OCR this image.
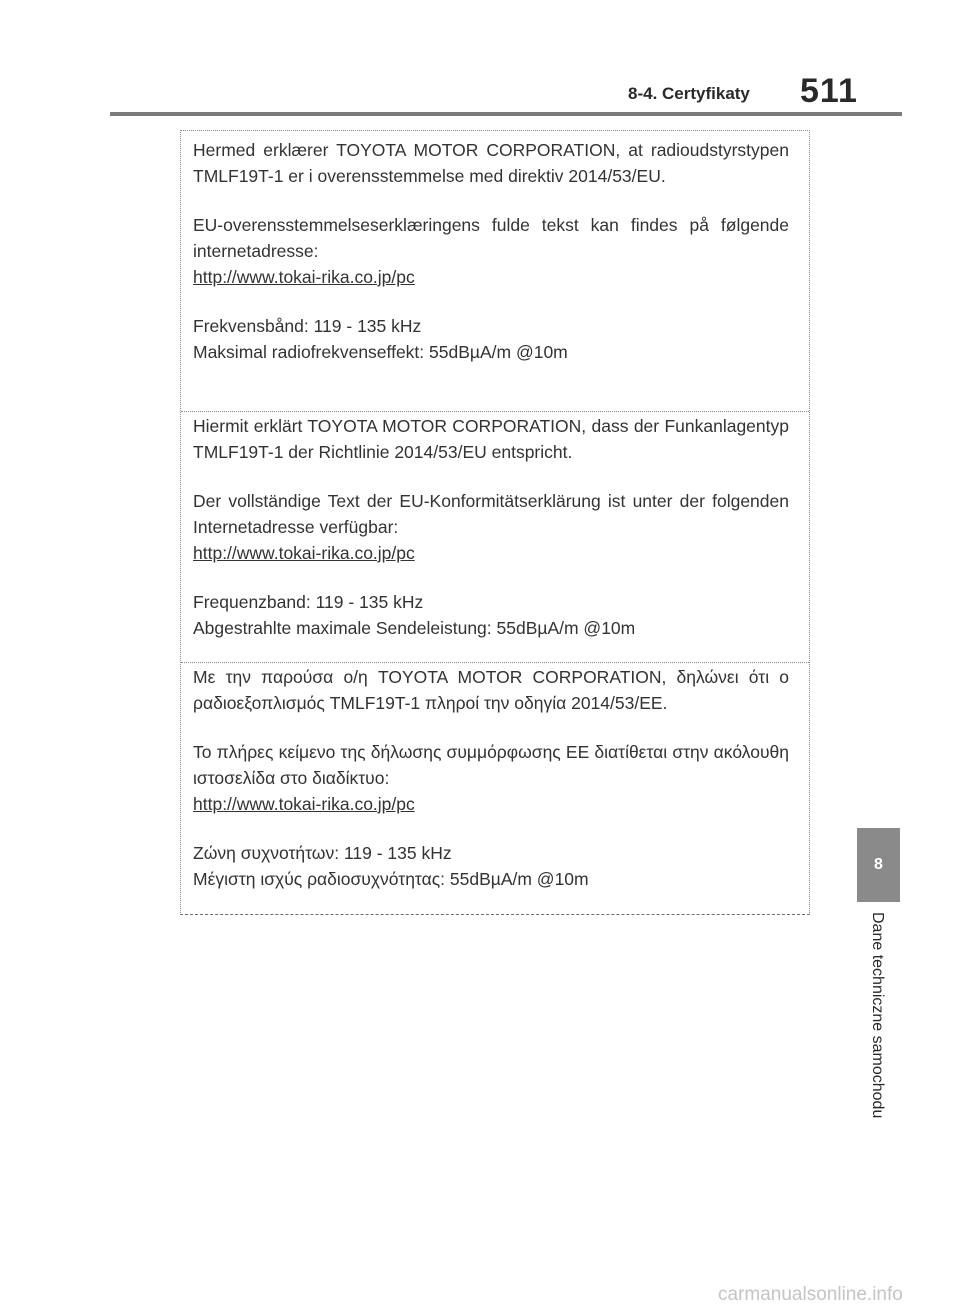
8-4. Certyfikaty 511

Hermed erklærer TOYOTA MOTOR CORPORATION, at radioudstyrstypen TMLF19T-1 er i overensstemmelse med direktiv 2014/53/EU.

EU-overensstemmelseserklæringens fulde tekst kan findes på følgende internetadresse:

http://www.tokai-rika.co.jp/pc

Frekvensbånd: 119 - 135 kHz

Maksimal radiofrekvenseffekt: 55dBµA/m @10m

Hiermit erklärt TOYOTA MOTOR CORPORATION, dass der Funkanlagentyp TMLF19T-1 der Richtlinie 2014/53/EU entspricht.

Der vollständige Text der EU-Konformitätserklärung ist unter der folgenden Internetadresse verfügbar:

http://www.tokai-rika.co.jp/pc

Frequenzband: 119 - 135 kHz

Abgestrahlte maximale Sendeleistung: 55dBµA/m @10m

Με την παρούσα ο/η TOYOTA MOTOR CORPORATION, δηλώνει ότι ο ραδιοεξοπλισμός TMLF19T-1 πληροί την οδηγία 2014/53/ΕΕ.

Το πλήρες κείμενο της δήλωσης συμμόρφωσης ΕΕ διατίθεται στην ακόλουθη ιστοσελίδα στο διαδίκτυο:

http://www.tokai-rika.co.jp/pc

Ζώνη συχνοτήτων: 119 - 135 kHz

Μέγιστη ισχύς ραδιοσυχνότητας: 55dBµA/m @10m

8
Dane techniczne samochodu
carmanualsonline.info
